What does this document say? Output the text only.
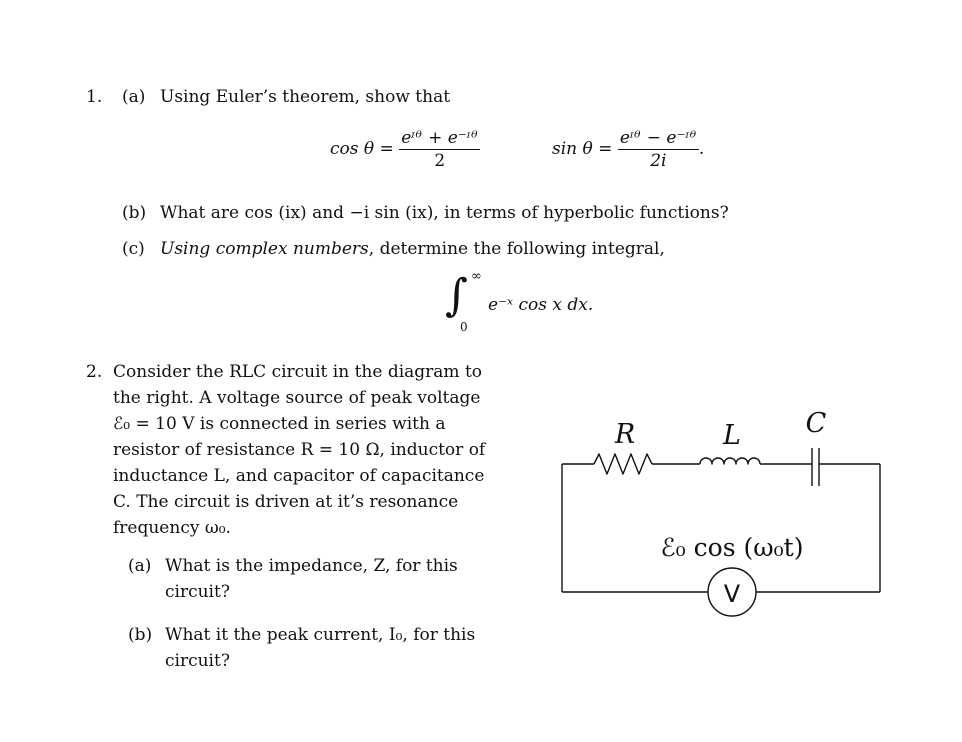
1. (a) Using Euler’s theorem, show that
$\cos \theta = \frac{\text{eᶦᶿ + e⁻ᶦᶿ}}{2}$	$\sin \theta = \frac{\text{eᶦᶿ − e⁻ᶦᶿ}}{2i}$ .
(b) What are cos (ix) and −i sin (ix), in terms of hyperbolic functions?
(c) Using complex numbers, determine the following integral,
∫ ∞
0
e⁻ˣ cos x dx.
2. Consider the RLC circuit in the diagram to
the right. A voltage source of peak voltage
ℰ₀ = 10 V is connected in series with a
resistor of resistance R = 10 Ω, inductor of
inductance L, and capacitor of capacitance
C. The circuit is driven at it’s resonance
frequency ω₀.
(a) What is the impedance, Z, for this
circuit?
(b) What it the peak current, I₀, for this
circuit?
R	L C
ℰ₀ cos (ω₀t)
V
